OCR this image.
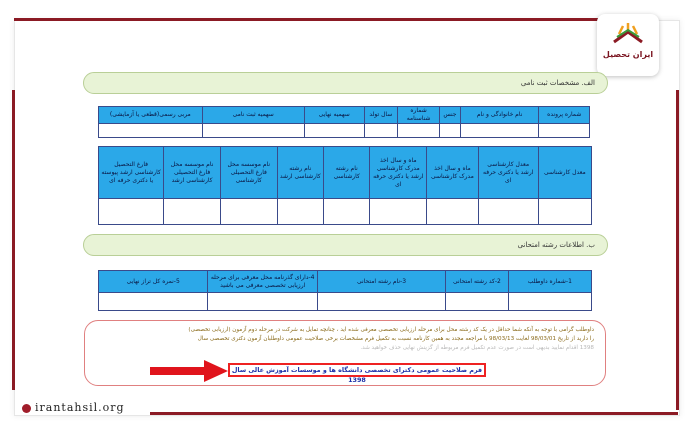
ایران تحصیل
الف. مشخصات ثبت نامی
شماره پرونده	نام خانوادگی و نام	جنس	شماره شناسنامه	سال تولد	سهمیه نهایی	سهمیه ثبت نامی	مربی رسمی(قطعی یا آزمایشی)

معدل کارشناسی	معدل کارشناسی ارشد یا دکتری حرفه ای	ماه و سال اخذ مدرک کارشناسی	ماه و سال اخذ مدرک کارشناسی ارشد یا دکتری حرفه ای	نام رشته کارشناسی	نام رشته کارشناسی ارشد	نام موسسه محل فارغ التحصیلی کارشناسی	نام موسسه محل فارغ التحصیلی کارشناسی ارشد	فارغ التحصیل کارشناسی ارشد پیوسته یا دکتری حرفه ای

ب. اطلاعات رشته امتحانی
1-شماره داوطلب	2-کد رشته امتحانی	3-نام رشته امتحانی	4-دارای گذرنامه محل معرفی برای مرحله ارزیابی تخصصی معرفی می باشید	5-نمره کل تراز نهایی

داوطلب گرامی با توجه به آنکه شما حداقل در یک کد رشته محل برای مرحله ارزیابی تخصصی معرفی شده اید ، چنانچه تمایل به شرکت در مرحله دوم آزمون (ارزیابی تخصصی)
را دارید از تاریخ 98/03/01 لغایت 98/03/13 با مراجعه مجدد به همین کارنامه نسبت به تکمیل فرم مشخصات برخی صلاحیت عمومی داوطلبان آزمون دکتری تخصصی سال
1398 اقدام نمایید بدیهی است در صورت عدم تکمیل فرم مربوطه از گزینش نهایی حذف خواهید شد.
فرم صلاحیت عمومی دکترای تخصصی دانشگاه ها و موسسات آموزش عالی سال 1398
irantahsil.org
